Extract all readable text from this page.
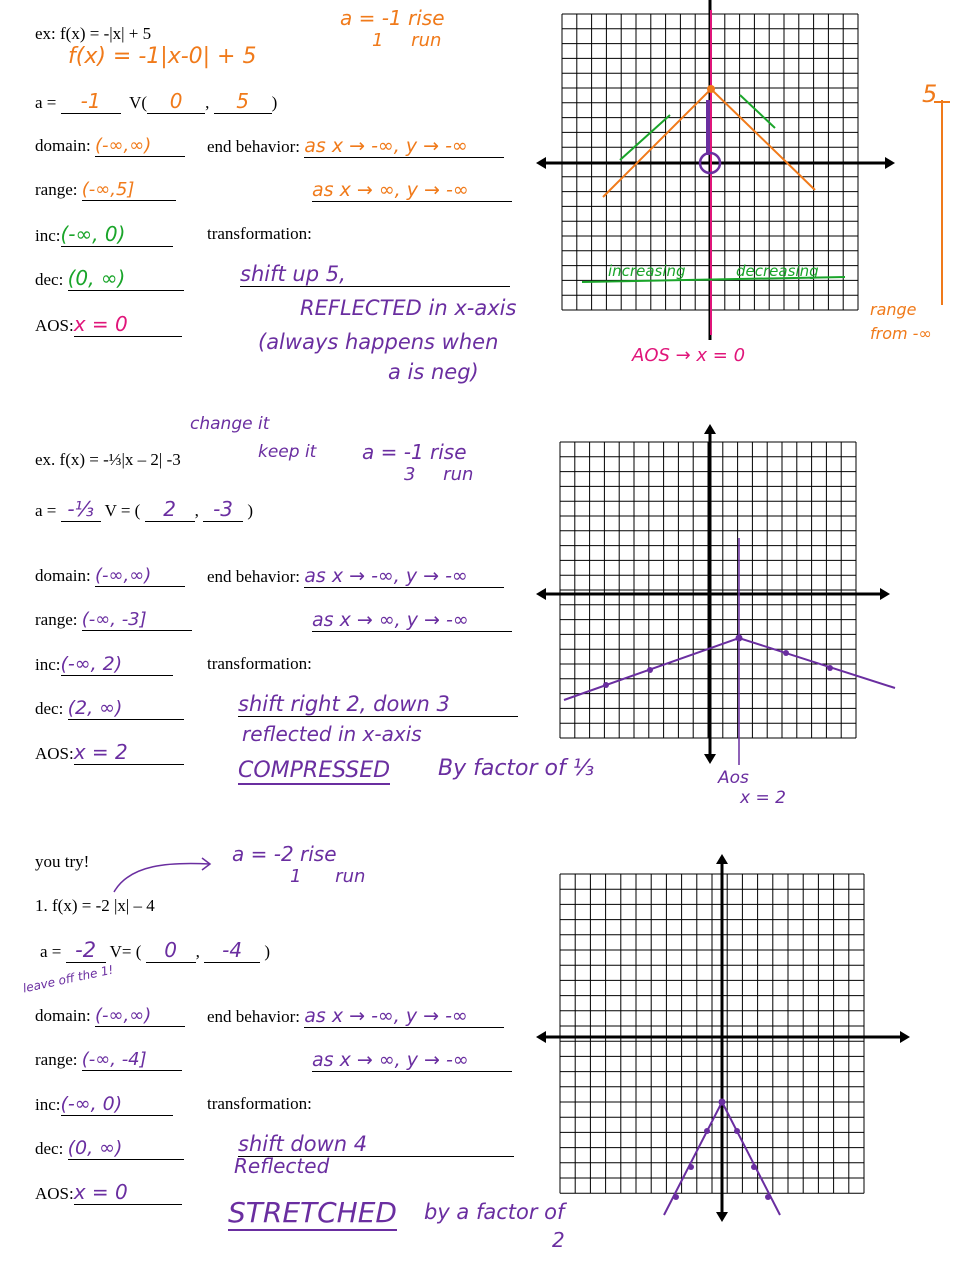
ex: f(x) = -|x| + 5
f(x) = -1|x-0| + 5
a = -1 rise
1 run
a = -1 V( 0 , 5 )
domain: (-∞,∞)	end behavior: as x → -∞, y → -∞
range: (-∞,5]	as x → ∞, y → -∞
inc:(-∞, 0)	transformation:
dec: (0, ∞)	shift up 5,
AOS:x = 0
REFLECTED in x-axis
(always happens when
a is neg)
increasing	decreasing
AOS → x = 0
5
range
from -∞
ex. f(x) = -⅓|x – 2| -3
change it
keep it a = -1 rise
3 run
a = -⅓ V = ( 2 , -3 )
domain: (-∞,∞)	end behavior: as x → -∞, y → -∞
range: (-∞, -3]	as x → ∞, y → -∞
inc:(-∞, 2)	transformation:
dec: (2, ∞)	shift right 2, down 3
AOS:x = 2
reflected in x-axis
COMPRESSED By factor of ⅓	Aos
x = 2
you try!
1. f(x) = -2 |x| – 4
a = -2 rise
1 run
leave off the 1!
a = -2 V= ( 0 , -4 )
domain: (-∞,∞)	end behavior: as x → -∞, y → -∞
range: (-∞, -4]	as x → ∞, y → -∞
inc:(-∞, 0)	transformation:
dec: (0, ∞)	shift down 4
AOS:x = 0
Reflected
STRETCHED by a factor of
2
